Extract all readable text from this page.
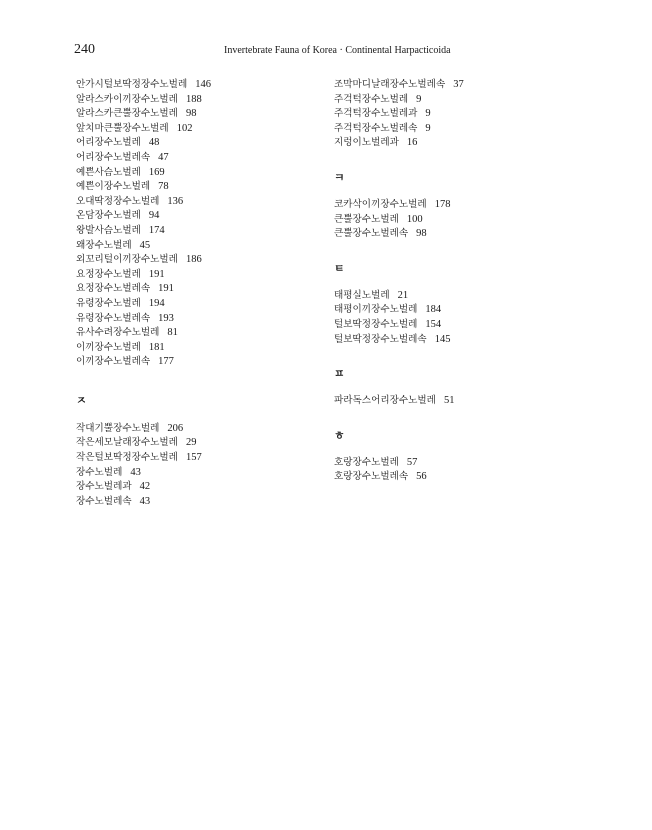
240	Invertebrate Fauna of Korea · Continental Harpacticoida
안가시털보딱정장수노벌레 146
알라스카이끼장수노벌레 188
알라스카큰뿔장수노벌레 98
앞치마큰뿔장수노벌레 102
어리장수노벌레 48
어리장수노벌레속 47
예쁜사슴노벌레 169
예쁜이장수노벌레 78
오대딱정장수노벌레 136
온담장수노벌레 94
왕발사슴노벌레 174
왜장수노벌레 45
외꼬리털이끼장수노벌레 186
요정장수노벌레 191
요정장수노벌레속 191
유령장수노벌레 194
유령장수노벌레속 193
유사수려장수노벌레 81
이끼장수노벌레 181
이끼장수노벌레속 177
ㅈ
작대기뿔장수노벌레 206
작은세모날래장수노벌레 29
작은털보딱정장수노벌레 157
장수노벌레 43
장수노벌레과 42
장수노벌레속 43
조막마디날래장수노벌레속 37
주걱턱장수노벌레 9
주걱턱장수노벌레과 9
주걱턱장수노벌레속 9
지렁이노벌레과 16
ㅋ
코카삭이끼장수노벌레 178
큰뿔장수노벌레 100
큰뿔장수노벌레속 98
ㅌ
태평실노벌레 21
태평이끼장수노벌레 184
털보딱정장수노벌레 154
털보딱정장수노벌레속 145
ㅍ
파라독스어리장수노벌레 51
ㅎ
호랑장수노벌레 57
호랑장수노벌레속 56
